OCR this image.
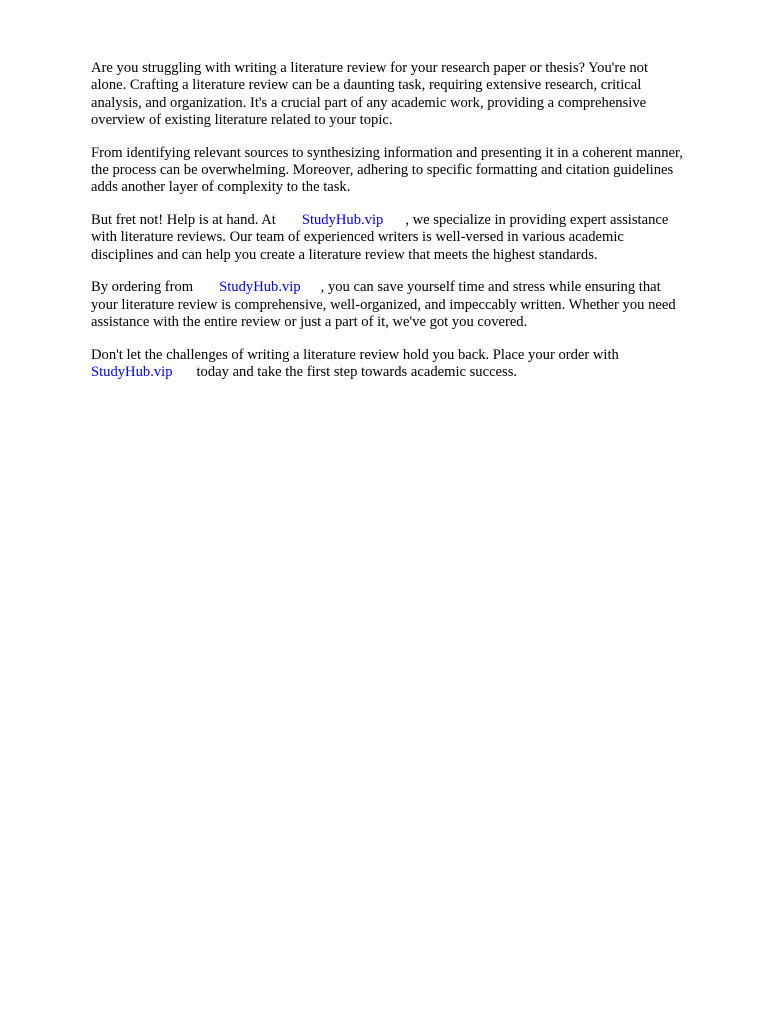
Are you struggling with writing a literature review for your research paper or thesis? You're not
alone. Crafting a literature review can be a daunting task, requiring extensive research, critical
analysis, and organization. It's a crucial part of any academic work, providing a comprehensive
overview of existing literature related to your topic.

From identifying relevant sources to synthesizing information and presenting it in a coherent manner,
the process can be overwhelming. Moreover, adhering to specific formatting and citation guidelines
adds another layer of complexity to the task.

But fret not! Help is at hand. At StudyHub.vip , we specialize in providing expert assistance
with literature reviews. Our team of experienced writers is well-versed in various academic
disciplines and can help you create a literature review that meets the highest standards.

By ordering from StudyHub.vip , you can save yourself time and stress while ensuring that
your literature review is comprehensive, well-organized, and impeccably written. Whether you need
assistance with the entire review or just a part of it, we've got you covered.

Don't let the challenges of writing a literature review hold you back. Place your order with
StudyHub.vip today and take the first step towards academic success.
